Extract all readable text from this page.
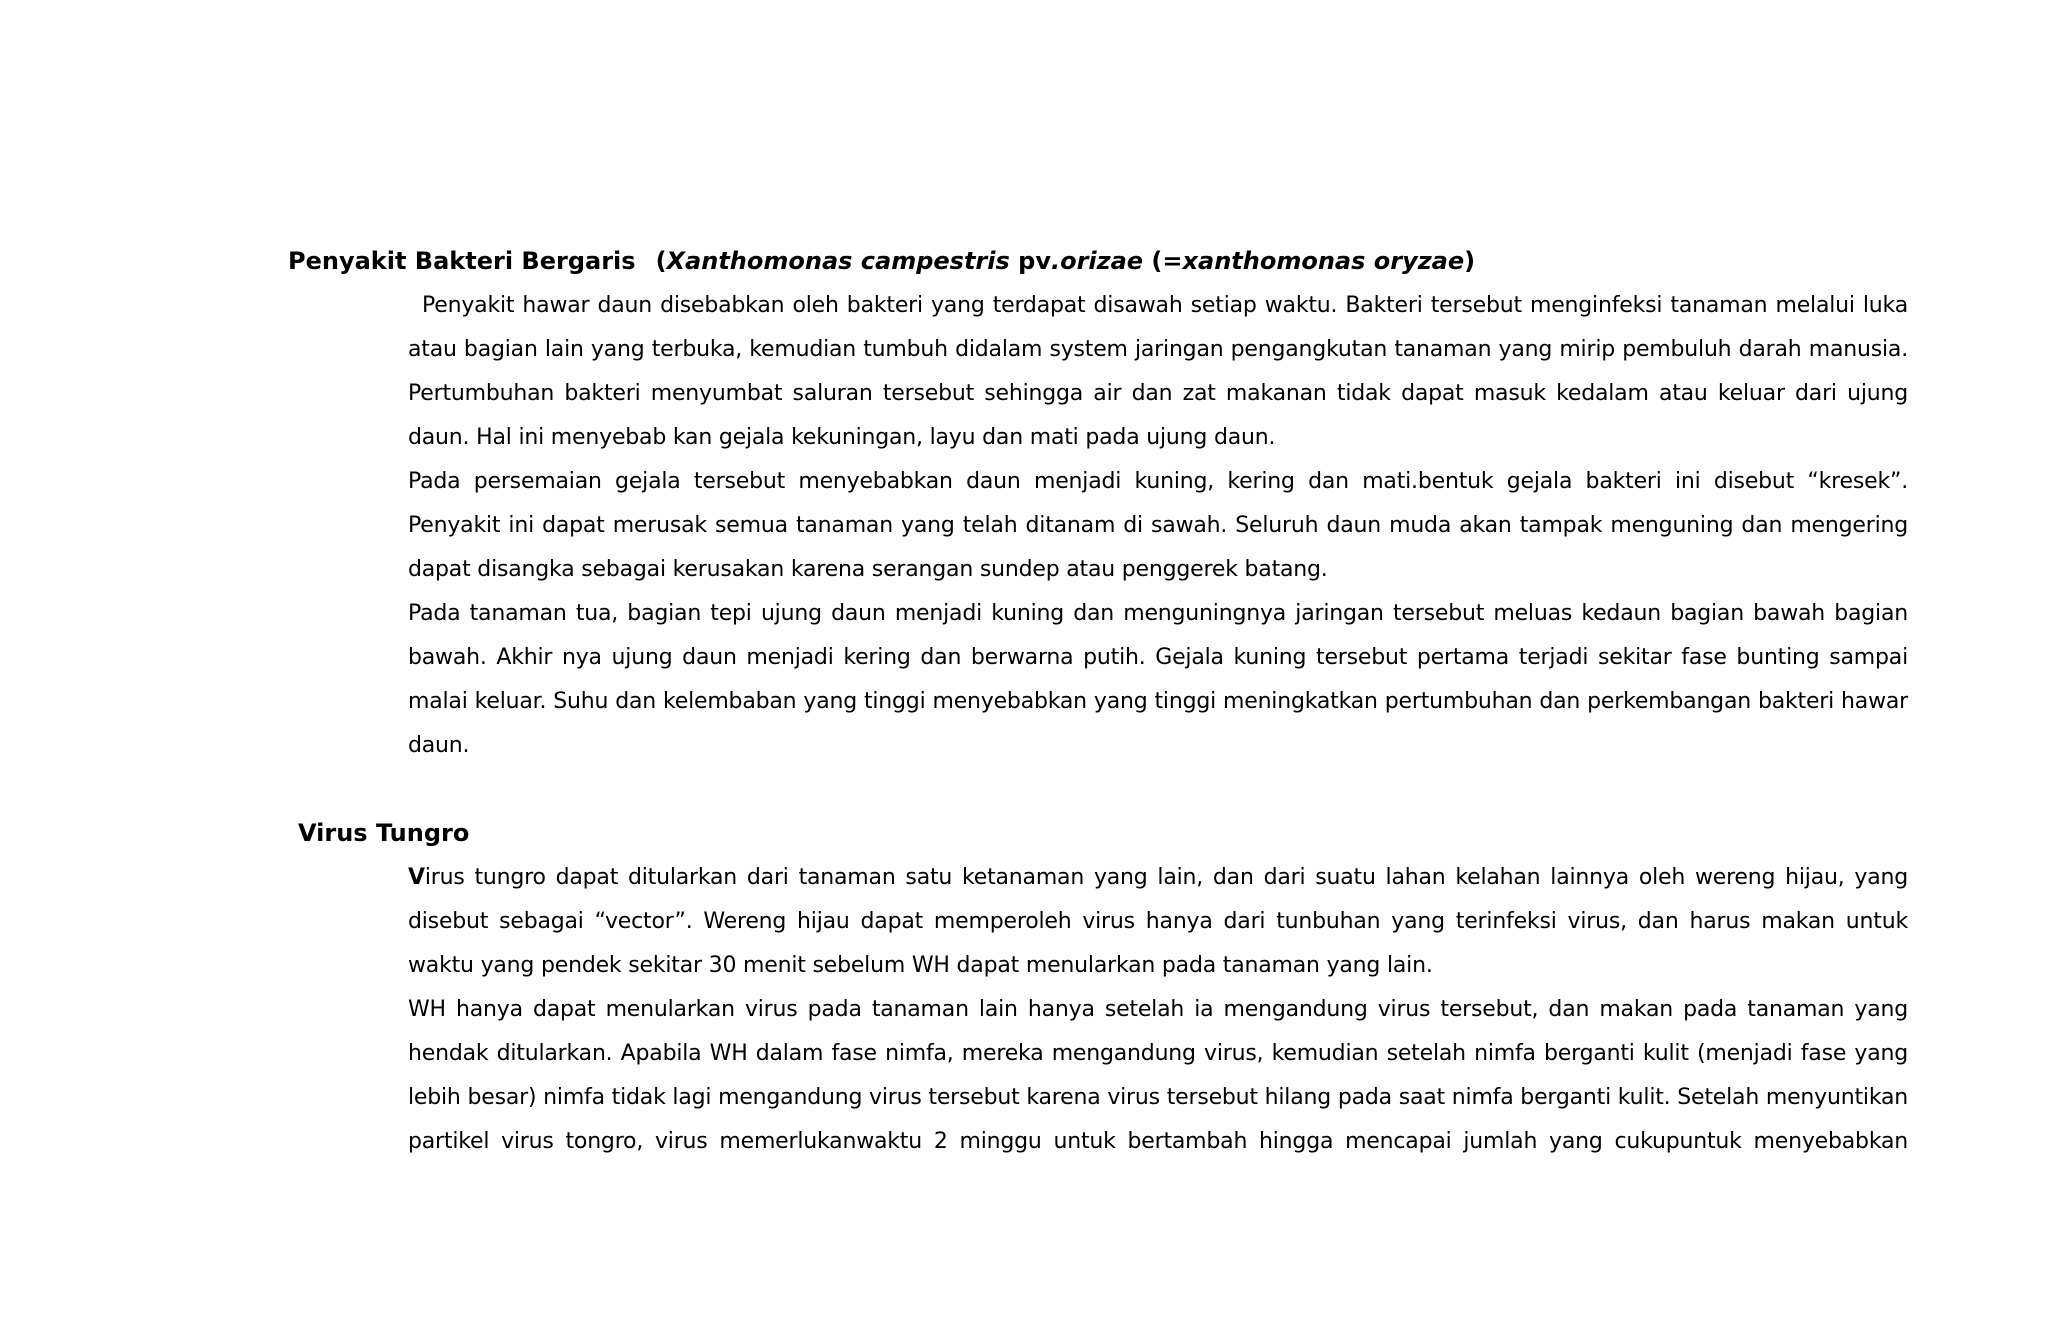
Penyakit Bakteri Bergaris (Xanthomonas campestris pv.orizae (=xanthomonas oryzae)

Penyakit hawar daun disebabkan oleh bakteri yang terdapat disawah setiap waktu. Bakteri tersebut menginfeksi tanaman melalui luka atau bagian lain yang terbuka, kemudian tumbuh didalam system jaringan pengangkutan tanaman yang mirip pembuluh darah manusia. Pertumbuhan bakteri menyumbat saluran tersebut sehingga air dan zat makanan tidak dapat masuk kedalam atau keluar dari ujung daun. Hal ini menyebab kan gejala kekuningan, layu dan mati pada ujung daun.

Pada persemaian gejala tersebut menyebabkan daun menjadi kuning, kering dan mati.bentuk gejala bakteri ini disebut “kresek”. Penyakit ini dapat merusak semua tanaman yang telah ditanam di sawah. Seluruh daun muda akan tampak menguning dan mengering dapat disangka sebagai kerusakan karena serangan sundep atau penggerek batang.

Pada tanaman tua, bagian tepi ujung daun menjadi kuning dan menguningnya jaringan tersebut meluas kedaun bagian bawah bagian bawah. Akhir nya ujung daun menjadi kering dan berwarna putih. Gejala kuning tersebut pertama terjadi sekitar fase bunting sampai malai keluar. Suhu dan kelembaban yang tinggi menyebabkan yang tinggi meningkatkan pertumbuhan dan perkembangan bakteri hawar daun.

Virus Tungro

Virus tungro dapat ditularkan dari tanaman satu ketanaman yang lain, dan dari suatu lahan kelahan lainnya oleh wereng hijau, yang disebut sebagai “vector”. Wereng hijau dapat memperoleh virus hanya dari tunbuhan yang terinfeksi virus, dan harus makan untuk waktu yang pendek sekitar 30 menit sebelum WH dapat menularkan pada tanaman yang lain.

WH hanya dapat menularkan virus pada tanaman lain hanya setelah ia mengandung virus tersebut, dan makan pada tanaman yang hendak ditularkan. Apabila WH dalam fase nimfa, mereka mengandung virus, kemudian setelah nimfa berganti kulit (menjadi fase yang lebih besar) nimfa tidak lagi mengandung virus tersebut karena virus tersebut hilang pada saat nimfa berganti kulit. Setelah menyuntikan partikel virus tongro, virus memerlukanwaktu 2 minggu untuk bertambah hingga mencapai jumlah yang cukupuntuk menyebabkan
